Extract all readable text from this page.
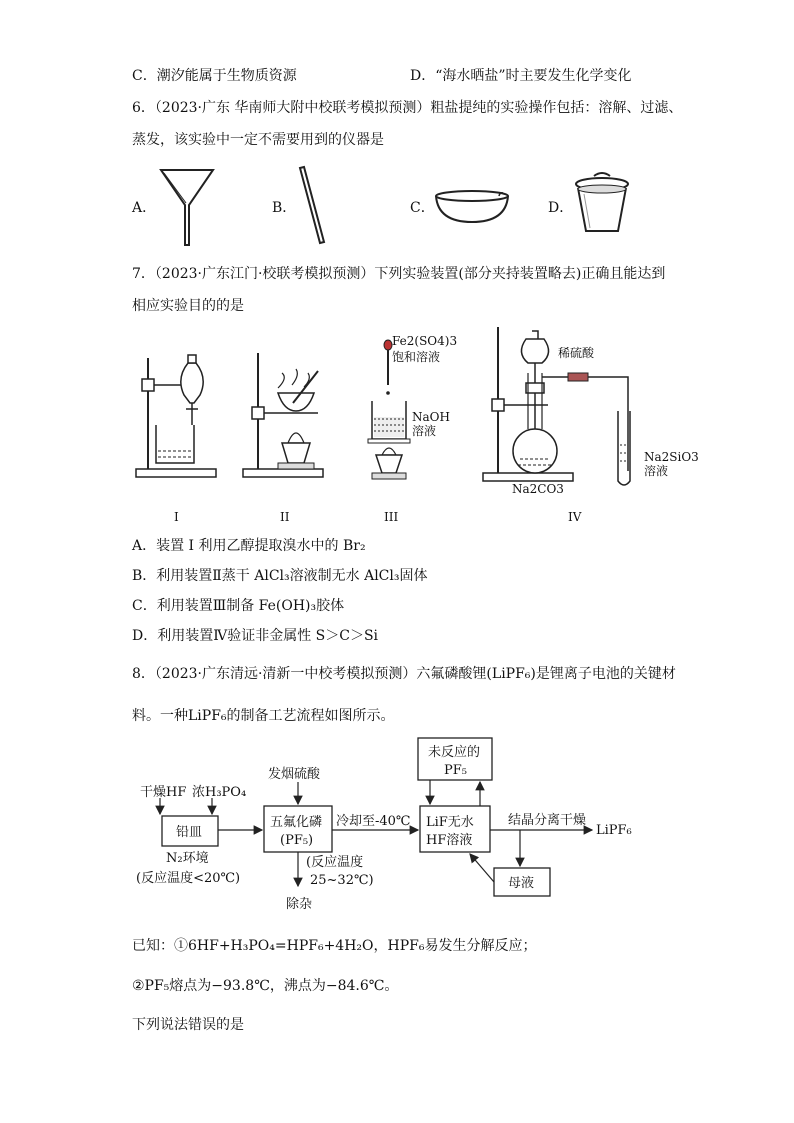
C．潮汐能属于生物质资源	D．“海水晒盐”时主要发生化学变化
6．（2023·广东 华南师大附中校联考模拟预测）粗盐提纯的实验操作包括：溶解、过滤、
蒸发，该实验中一定不需要用到的仪器是
A．	B．	C．	D．
7．（2023·广东江门·校联考模拟预测）下列实验装置(部分夹持装置略去)正确且能达到
相应实验目的的是
Fe2(SO4)3
饱和溶液
NaOH
溶液
稀硫酸
Na2CO3
Na2SiO3
溶液
I	II	III	IV
A．装置 I 利用乙醇提取溴水中的 Br₂
B．利用装置Ⅱ蒸干 AlCl₃溶液制无水 AlCl₃固体
C．利用装置Ⅲ制备 Fe(OH)₃胶体
D．利用装置Ⅳ验证非金属性 S＞C＞Si
8．（2023·广东清远·清新一中校考模拟预测）六氟磷酸锂(LiPF₆)是锂离子电池的关键材
料。一种LiPF₆的制备工艺流程如图所示。
干燥HF 浓H₃PO₄
铅皿
N₂环境
(反应温度<20℃)
发烟硫酸
五氟化磷
(PF₅)
(反应温度
25~32℃)
除杂
冷却至-40℃
未反应的
PF₅
LiF无水
HF溶液
结晶分离干燥
LiPF₆
母液
已知：①6HF+H₃PO₄=HPF₆+4H₂O，HPF₆易发生分解反应；
②PF₅熔点为−93.8℃，沸点为−84.6℃。
下列说法错误的是
